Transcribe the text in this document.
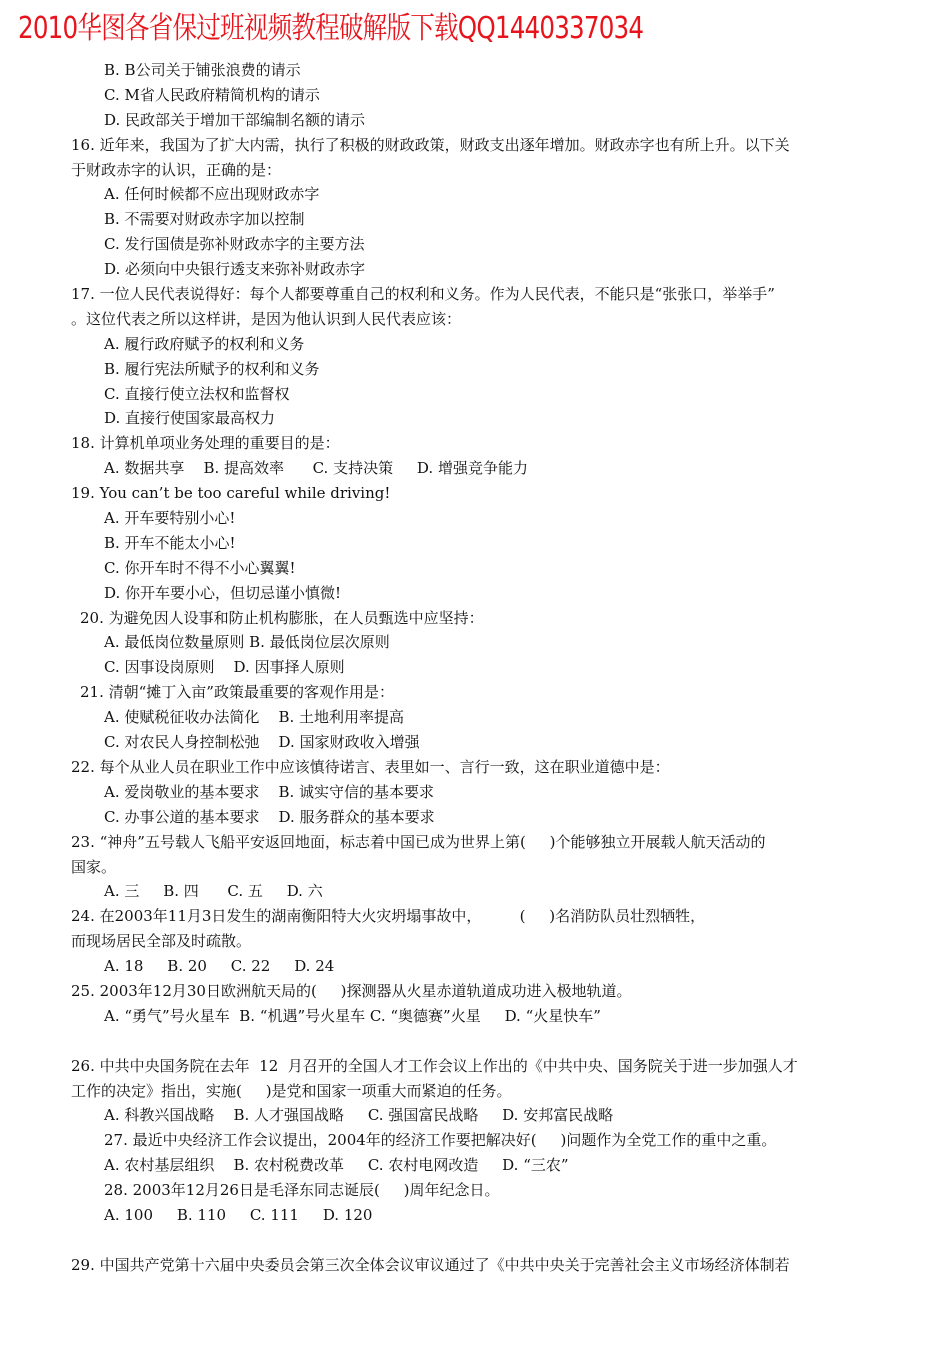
2010华图各省保过班视频教程破解版下载QQ1440337034
B. B公司关于铺张浪费的请示
C. M省人民政府精简机构的请示
D. 民政部关于增加干部编制名额的请示
16. 近年来，我国为了扩大内需，执行了积极的财政政策，财政支出逐年增加。财政赤字也有所上升。以下关
于财政赤字的认识，正确的是：
A. 任何时候都不应出现财政赤字
B. 不需要对财政赤字加以控制
C. 发行国债是弥补财政赤字的主要方法
D. 必须向中央银行透支来弥补财政赤字
17. 一位人民代表说得好：每个人都要尊重自己的权利和义务。作为人民代表，不能只是“张张口，举举手”
。这位代表之所以这样讲，是因为他认识到人民代表应该：
A. 履行政府赋予的权利和义务
B. 履行宪法所赋予的权利和义务
C. 直接行使立法权和监督权
D. 直接行使国家最高权力
18. 计算机单项业务处理的重要目的是：
A. 数据共享    B. 提高效率      C. 支持决策     D. 增强竞争能力
19. You can’t be too careful while driving!
A. 开车要特别小心!
B. 开车不能太小心!
C. 你开车时不得不小心翼翼!
D. 你开车要小心，但切忌谨小慎微!
20. 为避免因人设事和防止机构膨胀，在人员甄选中应坚持：
A. 最低岗位数量原则 B. 最低岗位层次原则
C. 因事设岗原则    D. 因事择人原则
21. 清朝“摊丁入亩”政策最重要的客观作用是：
A. 使赋税征收办法简化    B. 土地利用率提高
C. 对农民人身控制松弛    D. 国家财政收入增强
22. 每个从业人员在职业工作中应该慎待诺言、表里如一、言行一致，这在职业道德中是：
A. 爱岗敬业的基本要求    B. 诚实守信的基本要求
C. 办事公道的基本要求    D. 服务群众的基本要求
23. “神舟”五号载人飞船平安返回地面，标志着中国已成为世界上第(     )个能够独立开展载人航天活动的
国家。
A. 三     B. 四      C. 五     D. 六
24. 在2003年11月3日发生的湖南衡阳特大火灾坍塌事故中，        (     )名消防队员壮烈牺牲，
而现场居民全部及时疏散。
A. 18     B. 20     C. 22     D. 24
25. 2003年12月30日欧洲航天局的(     )探测器从火星赤道轨道成功进入极地轨道。
A. “勇气”号火星车  B. “机遇”号火星车 C. “奥德赛”火星     D. “火星快车”
26. 中共中央国务院在去年  12  月召开的全国人才工作会议上作出的《中共中央、国务院关于进一步加强人才
工作的决定》指出，实施(     )是党和国家一项重大而紧迫的任务。
A. 科教兴国战略    B. 人才强国战略     C. 强国富民战略     D. 安邦富民战略
27. 最近中央经济工作会议提出，2004年的经济工作要把解决好(     )问题作为全党工作的重中之重。
A. 农村基层组织    B. 农村税费改革     C. 农村电网改造     D. “三农”
28. 2003年12月26日是毛泽东同志诞辰(     )周年纪念日。
A. 100     B. 110     C. 111     D. 120
29. 中国共产党第十六届中央委员会第三次全体会议审议通过了《中共中央关于完善社会主义市场经济体制若
